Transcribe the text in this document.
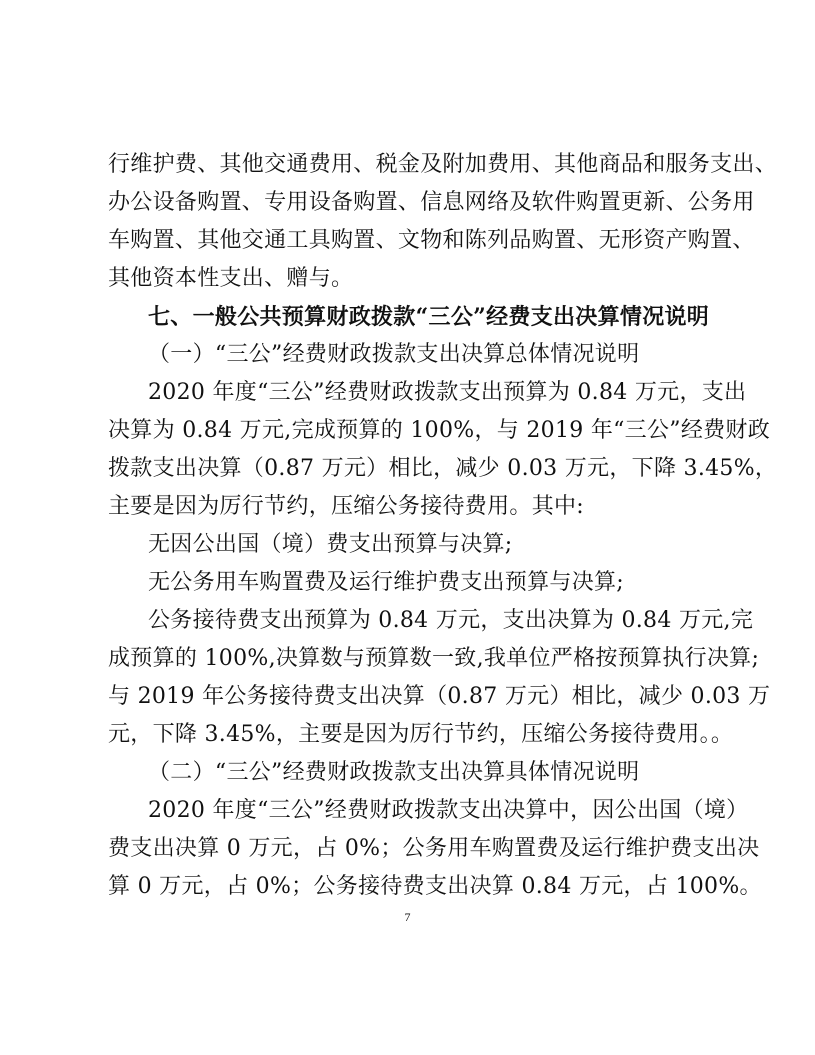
行维护费、其他交通费用、税金及附加费用、其他商品和服务支出、
办公设备购置、专用设备购置、信息网络及软件购置更新、公务用
车购置、其他交通工具购置、文物和陈列品购置、无形资产购置、
其他资本性支出、赠与。
七、一般公共预算财政拨款“三公”经费支出决算情况说明
（一）“三公”经费财政拨款支出决算总体情况说明
2020 年度“三公”经费财政拨款支出预算为 0.84 万元，支出
决算为 0.84 万元,完成预算的 100%，与 2019 年“三公”经费财政
拨款支出决算（0.87 万元）相比，减少 0.03 万元，下降 3.45%，
主要是因为厉行节约，压缩公务接待费用。其中:
无因公出国（境）费支出预算与决算;
无公务用车购置费及运行维护费支出预算与决算;
公务接待费支出预算为 0.84 万元，支出决算为 0.84 万元,完
成预算的 100%,决算数与预算数一致,我单位严格按预算执行决算;
与 2019 年公务接待费支出决算（0.87 万元）相比，减少 0.03 万
元，下降 3.45%，主要是因为厉行节约，压缩公务接待费用。。
（二）“三公”经费财政拨款支出决算具体情况说明
2020 年度“三公”经费财政拨款支出决算中，因公出国（境）
费支出决算 0 万元，占 0%；公务用车购置费及运行维护费支出决
算 0 万元，占 0%；公务接待费支出决算 0.84 万元，占 100%。
7
